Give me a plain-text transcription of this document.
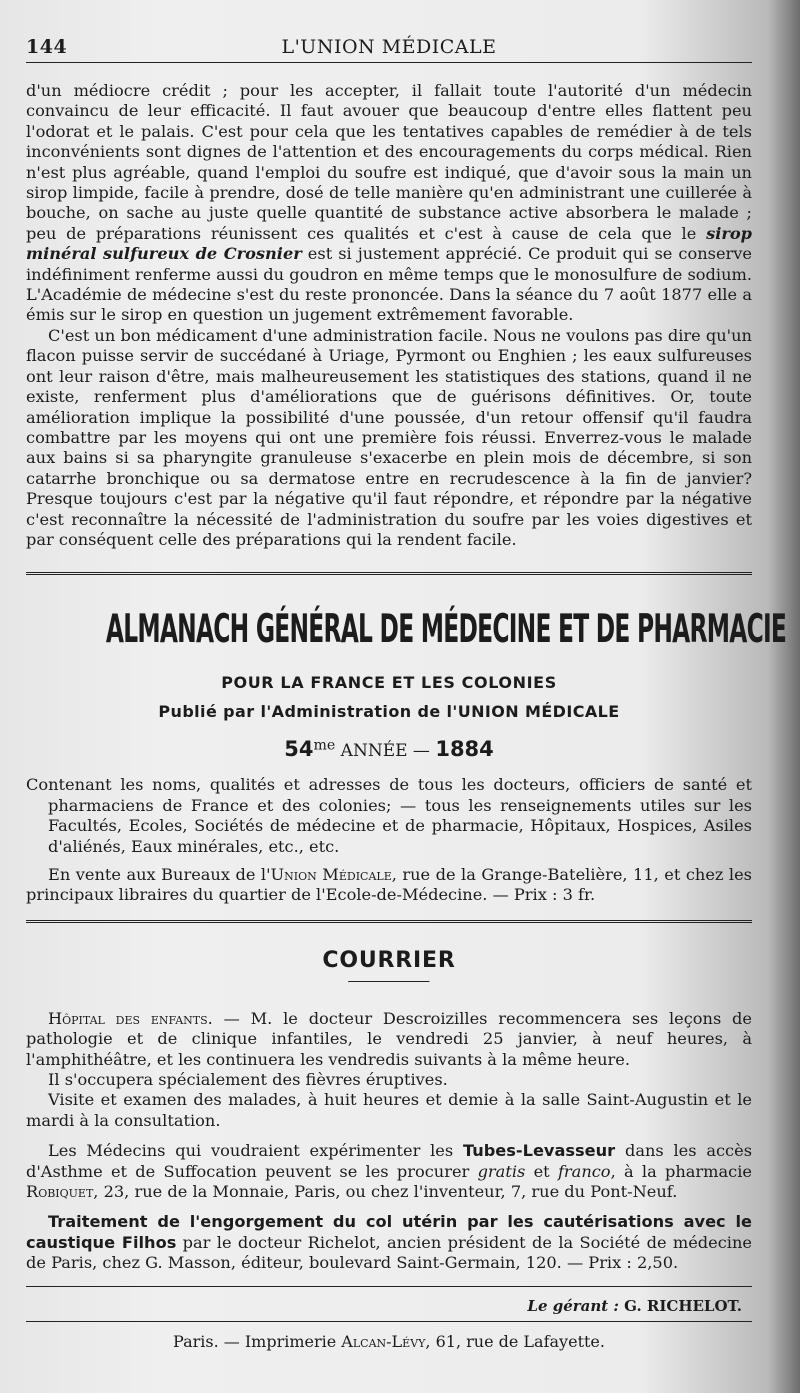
144	L'UNION MÉDICALE

d'un médiocre crédit ; pour les accepter, il fallait toute l'autorité d'un médecin convaincu de leur efficacité. Il faut avouer que beaucoup d'entre elles flattent peu l'odorat et le palais. C'est pour cela que les tentatives capables de remédier à de tels inconvénients sont dignes de l'attention et des encouragements du corps médical. Rien n'est plus agréable, quand l'emploi du soufre est indiqué, que d'avoir sous la main un sirop limpide, facile à prendre, dosé de telle manière qu'en administrant une cuillerée à bouche, on sache au juste quelle quantité de substance active absorbera le malade ; peu de préparations réunissent ces qualités et c'est à cause de cela que le sirop minéral sulfureux de Crosnier est si justement apprécié. Ce produit qui se conserve indéfiniment renferme aussi du goudron en même temps que le monosulfure de sodium. L'Académie de médecine s'est du reste prononcée. Dans la séance du 7 août 1877 elle a émis sur le sirop en question un jugement extrêmement favorable.

C'est un bon médicament d'une administration facile. Nous ne voulons pas dire qu'un flacon puisse servir de succédané à Uriage, Pyrmont ou Enghien ; les eaux sulfureuses ont leur raison d'être, mais malheureusement les statistiques des stations, quand il ne existe, renferment plus d'améliorations que de guérisons définitives. Or, toute amélioration implique la possibilité d'une poussée, d'un retour offensif qu'il faudra combattre par les moyens qui ont une première fois réussi. Enverrez-vous le malade aux bains si sa pharyngite granuleuse s'exacerbe en plein mois de décembre, si son catarrhe bronchique ou sa dermatose entre en recrudescence à la fin de janvier? Presque toujours c'est par la négative qu'il faut répondre, et répondre par la négative c'est reconnaître la nécessité de l'administration du soufre par les voies digestives et par conséquent celle des préparations qui la rendent facile.

ALMANACH GÉNÉRAL DE MÉDECINE ET DE PHARMACIE
POUR LA FRANCE ET LES COLONIES
Publié par l'Administration de l'UNION MÉDICALE
$54^{me}$ ANNÉE — 1884

Contenant les noms, qualités et adresses de tous les docteurs, officiers de santé et pharmaciens de France et des colonies; — tous les renseignements utiles sur les Facultés, Ecoles, Sociétés de médecine et de pharmacie, Hôpitaux, Hospices, Asiles d'aliénés, Eaux minérales, etc., etc.

En vente aux Bureaux de l'Union Médicale, rue de la Grange-Batelière, 11, et chez les principaux libraires du quartier de l'Ecole-de-Médecine. — Prix : 3 fr.

COURRIER

Hôpital des enfants. — M. le docteur Descroizilles recommencera ses leçons de pathologie et de clinique infantiles, le vendredi 25 janvier, à neuf heures, à l'amphithéâtre, et les continuera les vendredis suivants à la même heure.

Il s'occupera spécialement des fièvres éruptives.

Visite et examen des malades, à huit heures et demie à la salle Saint-Augustin et le mardi à la consultation.

Les Médecins qui voudraient expérimenter les Tubes-Levasseur dans les accès d'Asthme et de Suffocation peuvent se les procurer gratis et franco, à la pharmacie Robiquet, 23, rue de la Monnaie, Paris, ou chez l'inventeur, 7, rue du Pont-Neuf.

Traitement de l'engorgement du col utérin par les cautérisations avec le caustique Filhos par le docteur Richelot, ancien président de la Société de médecine de Paris, chez G. Masson, éditeur, boulevard Saint-Germain, 120. — Prix : 2,50.

Le gérant : G. RICHELOT.
Paris. — Imprimerie Alcan-Lévy, 61, rue de Lafayette.
